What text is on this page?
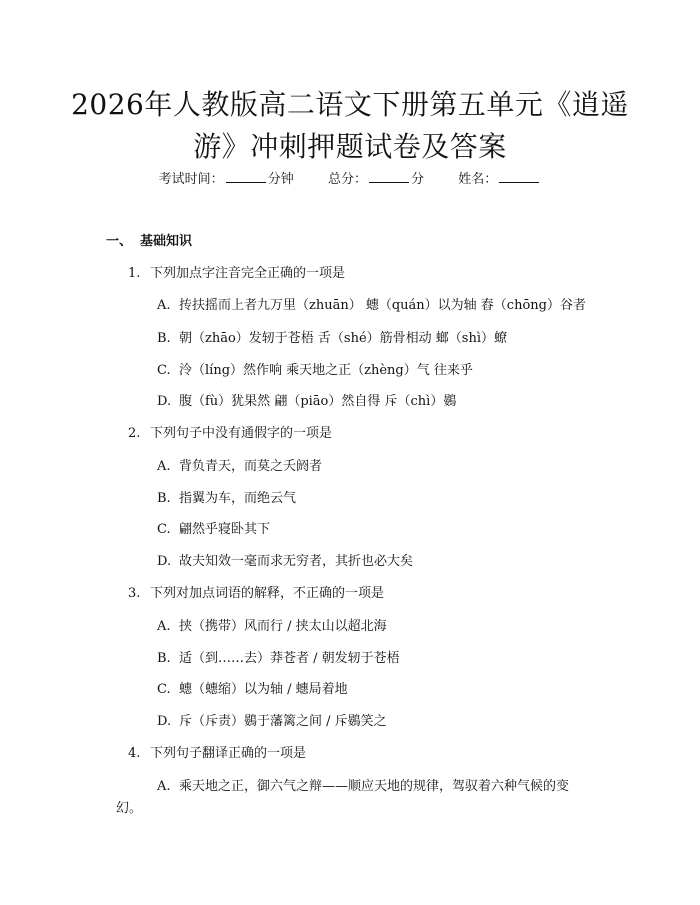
2026年人教版高二语文下册第五单元《逍遥游》冲刺押题试卷及答案
考试时间：	分钟	总分：	分	姓名：
一、 基础知识
1. 下列加点字注音完全正确的一项是
A. 抟扶摇而上者九万里（zhuān） 蟪（quán）以为轴 舂（chōng）谷者
B. 朝（zhāo）发轫于苍梧 舌（shé）筋骨相动 螂（shì）蟟
C. 泠（líng）然作响 乘天地之正（zhèng）气 往来乎
D. 腹（fù）犹果然 翩（piāo）然自得 斥（chì）鷃
2. 下列句子中没有通假字的一项是
A. 背负青天，而莫之夭阏者
B. 指翼为车，而绝云气
C. 翩然乎寝卧其下
D. 故夫知效一毫而求无穷者，其折也必大矣
3. 下列对加点词语的解释，不正确的一项是
A. 挟（携带）风而行 / 挟太山以超北海
B. 适（到……去）莽苍者 / 朝发轫于苍梧
C. 蟪（蟪缩）以为轴 / 蟪局着地
D. 斥（斥责）鷃于藩篱之间 / 斥鷃笑之
4. 下列句子翻译正确的一项是
A. 乘天地之正，御六气之辩——顺应天地的规律，驾驭着六种气候的变
幻。
